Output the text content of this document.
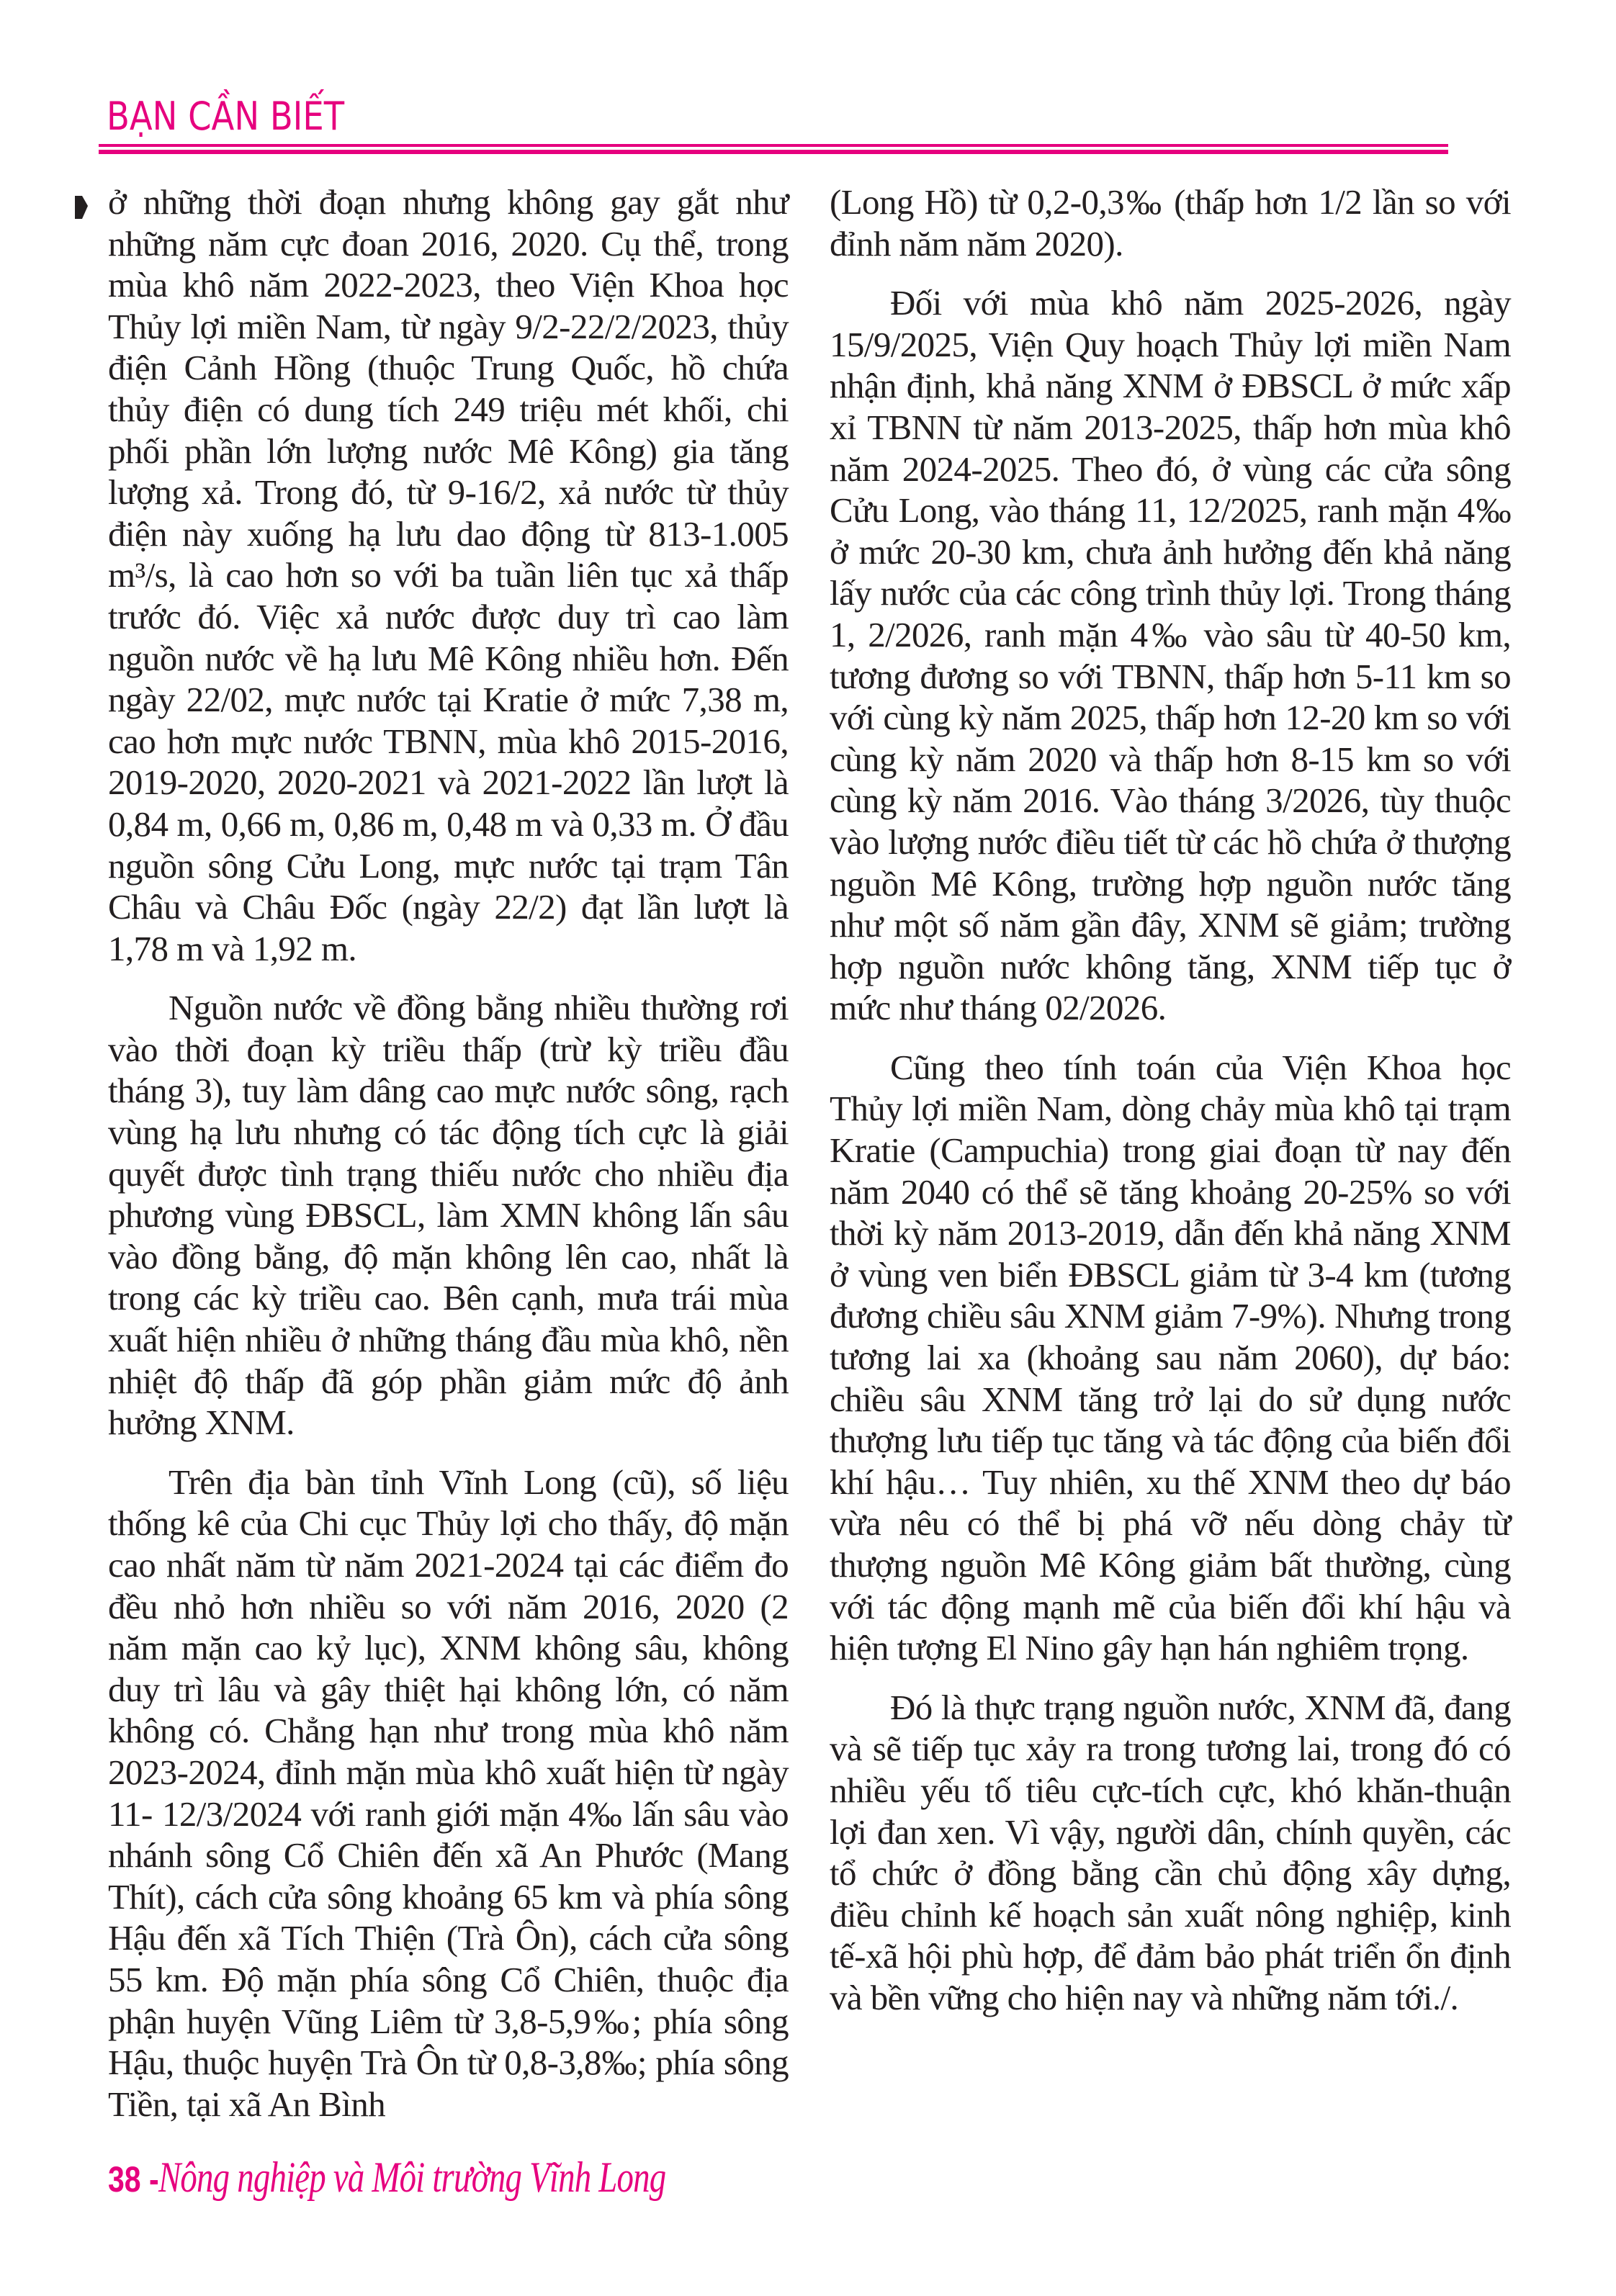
BẠN CẦN BIẾT

ở những thời đoạn nhưng không gay gắt như những năm cực đoan 2016, 2020. Cụ thể, trong mùa khô năm 2022-2023, theo Viện Khoa học Thủy lợi miền Nam, từ ngày 9/2-22/2/2023, thủy điện Cảnh Hồng (thuộc Trung Quốc, hồ chứa thủy điện có dung tích 249 triệu mét khối, chi phối phần lớn lượng nước Mê Kông) gia tăng lượng xả. Trong đó, từ 9-16/2, xả nước từ thủy điện này xuống hạ lưu dao động từ 813-1.005 m³/s, là cao hơn so với ba tuần liên tục xả thấp trước đó. Việc xả nước được duy trì cao làm nguồn nước về hạ lưu Mê Kông nhiều hơn. Đến ngày 22/02, mực nước tại Kratie ở mức 7,38 m, cao hơn mực nước TBNN, mùa khô 2015-2016, 2019-2020, 2020-2021 và 2021-2022 lần lượt là 0,84 m, 0,66 m, 0,86 m, 0,48 m và 0,33 m. Ở đầu nguồn sông Cửu Long, mực nước tại trạm Tân Châu và Châu Đốc (ngày 22/2) đạt lần lượt là 1,78 m và 1,92 m.

Nguồn nước về đồng bằng nhiều thường rơi vào thời đoạn kỳ triều thấp (trừ kỳ triều đầu tháng 3), tuy làm dâng cao mực nước sông, rạch vùng hạ lưu nhưng có tác động tích cực là giải quyết được tình trạng thiếu nước cho nhiều địa phương vùng ĐBSCL, làm XMN không lấn sâu vào đồng bằng, độ mặn không lên cao, nhất là trong các kỳ triều cao. Bên cạnh, mưa trái mùa xuất hiện nhiều ở những tháng đầu mùa khô, nền nhiệt độ thấp đã góp phần giảm mức độ ảnh hưởng XNM.

Trên địa bàn tỉnh Vĩnh Long (cũ), số liệu thống kê của Chi cục Thủy lợi cho thấy, độ mặn cao nhất năm từ năm 2021-2024 tại các điểm đo đều nhỏ hơn nhiều so với năm 2016, 2020 (2 năm mặn cao kỷ lục), XNM không sâu, không duy trì lâu và gây thiệt hại không lớn, có năm không có. Chẳng hạn như trong mùa khô năm 2023-2024, đỉnh mặn mùa khô xuất hiện từ ngày 11- 12/3/2024 với ranh giới mặn 4‰ lấn sâu vào nhánh sông Cổ Chiên đến xã An Phước (Mang Thít), cách cửa sông khoảng 65 km và phía sông Hậu đến xã Tích Thiện (Trà Ôn), cách cửa sông 55 km. Độ mặn phía sông Cổ Chiên, thuộc địa phận huyện Vũng Liêm từ 3,8-5,9‰; phía sông Hậu, thuộc huyện Trà Ôn từ 0,8-3,8‰; phía sông Tiền, tại xã An Bình

(Long Hồ) từ 0,2-0,3‰ (thấp hơn 1/2 lần so với đỉnh năm năm 2020).

Đối với mùa khô năm 2025-2026, ngày 15/9/2025, Viện Quy hoạch Thủy lợi miền Nam nhận định, khả năng XNM ở ĐBSCL ở mức xấp xỉ TBNN từ năm 2013-2025, thấp hơn mùa khô năm 2024-2025. Theo đó, ở vùng các cửa sông Cửu Long, vào tháng 11, 12/2025, ranh mặn 4‰ ở mức 20-30 km, chưa ảnh hưởng đến khả năng lấy nước của các công trình thủy lợi. Trong tháng 1, 2/2026, ranh mặn 4‰ vào sâu từ 40-50 km, tương đương so với TBNN, thấp hơn 5-11 km so với cùng kỳ năm 2025, thấp hơn 12-20 km so với cùng kỳ năm 2020 và thấp hơn 8-15 km so với cùng kỳ năm 2016. Vào tháng 3/2026, tùy thuộc vào lượng nước điều tiết từ các hồ chứa ở thượng nguồn Mê Kông, trường hợp nguồn nước tăng như một số năm gần đây, XNM sẽ giảm; trường hợp nguồn nước không tăng, XNM tiếp tục ở mức như tháng 02/2026.

Cũng theo tính toán của Viện Khoa học Thủy lợi miền Nam, dòng chảy mùa khô tại trạm Kratie (Campuchia) trong giai đoạn từ nay đến năm 2040 có thể sẽ tăng khoảng 20-25% so với thời kỳ năm 2013-2019, dẫn đến khả năng XNM ở vùng ven biển ĐBSCL giảm từ 3-4 km (tương đương chiều sâu XNM giảm 7-9%). Nhưng trong tương lai xa (khoảng sau năm 2060), dự báo: chiều sâu XNM tăng trở lại do sử dụng nước thượng lưu tiếp tục tăng và tác động của biến đổi khí hậu… Tuy nhiên, xu thế XNM theo dự báo vừa nêu có thể bị phá vỡ nếu dòng chảy từ thượng nguồn Mê Kông giảm bất thường, cùng với tác động mạnh mẽ của biến đổi khí hậu và hiện tượng El Nino gây hạn hán nghiêm trọng.

Đó là thực trạng nguồn nước, XNM đã, đang và sẽ tiếp tục xảy ra trong tương lai, trong đó có nhiều yếu tố tiêu cực-tích cực, khó khăn-thuận lợi đan xen. Vì vậy, người dân, chính quyền, các tổ chức ở đồng bằng cần chủ động xây dựng, điều chỉnh kế hoạch sản xuất nông nghiệp, kinh tế-xã hội phù hợp, để đảm bảo phát triển ổn định và bền vững cho hiện nay và những năm tới./.

38 - Nông nghiệp và Môi trường Vĩnh Long
